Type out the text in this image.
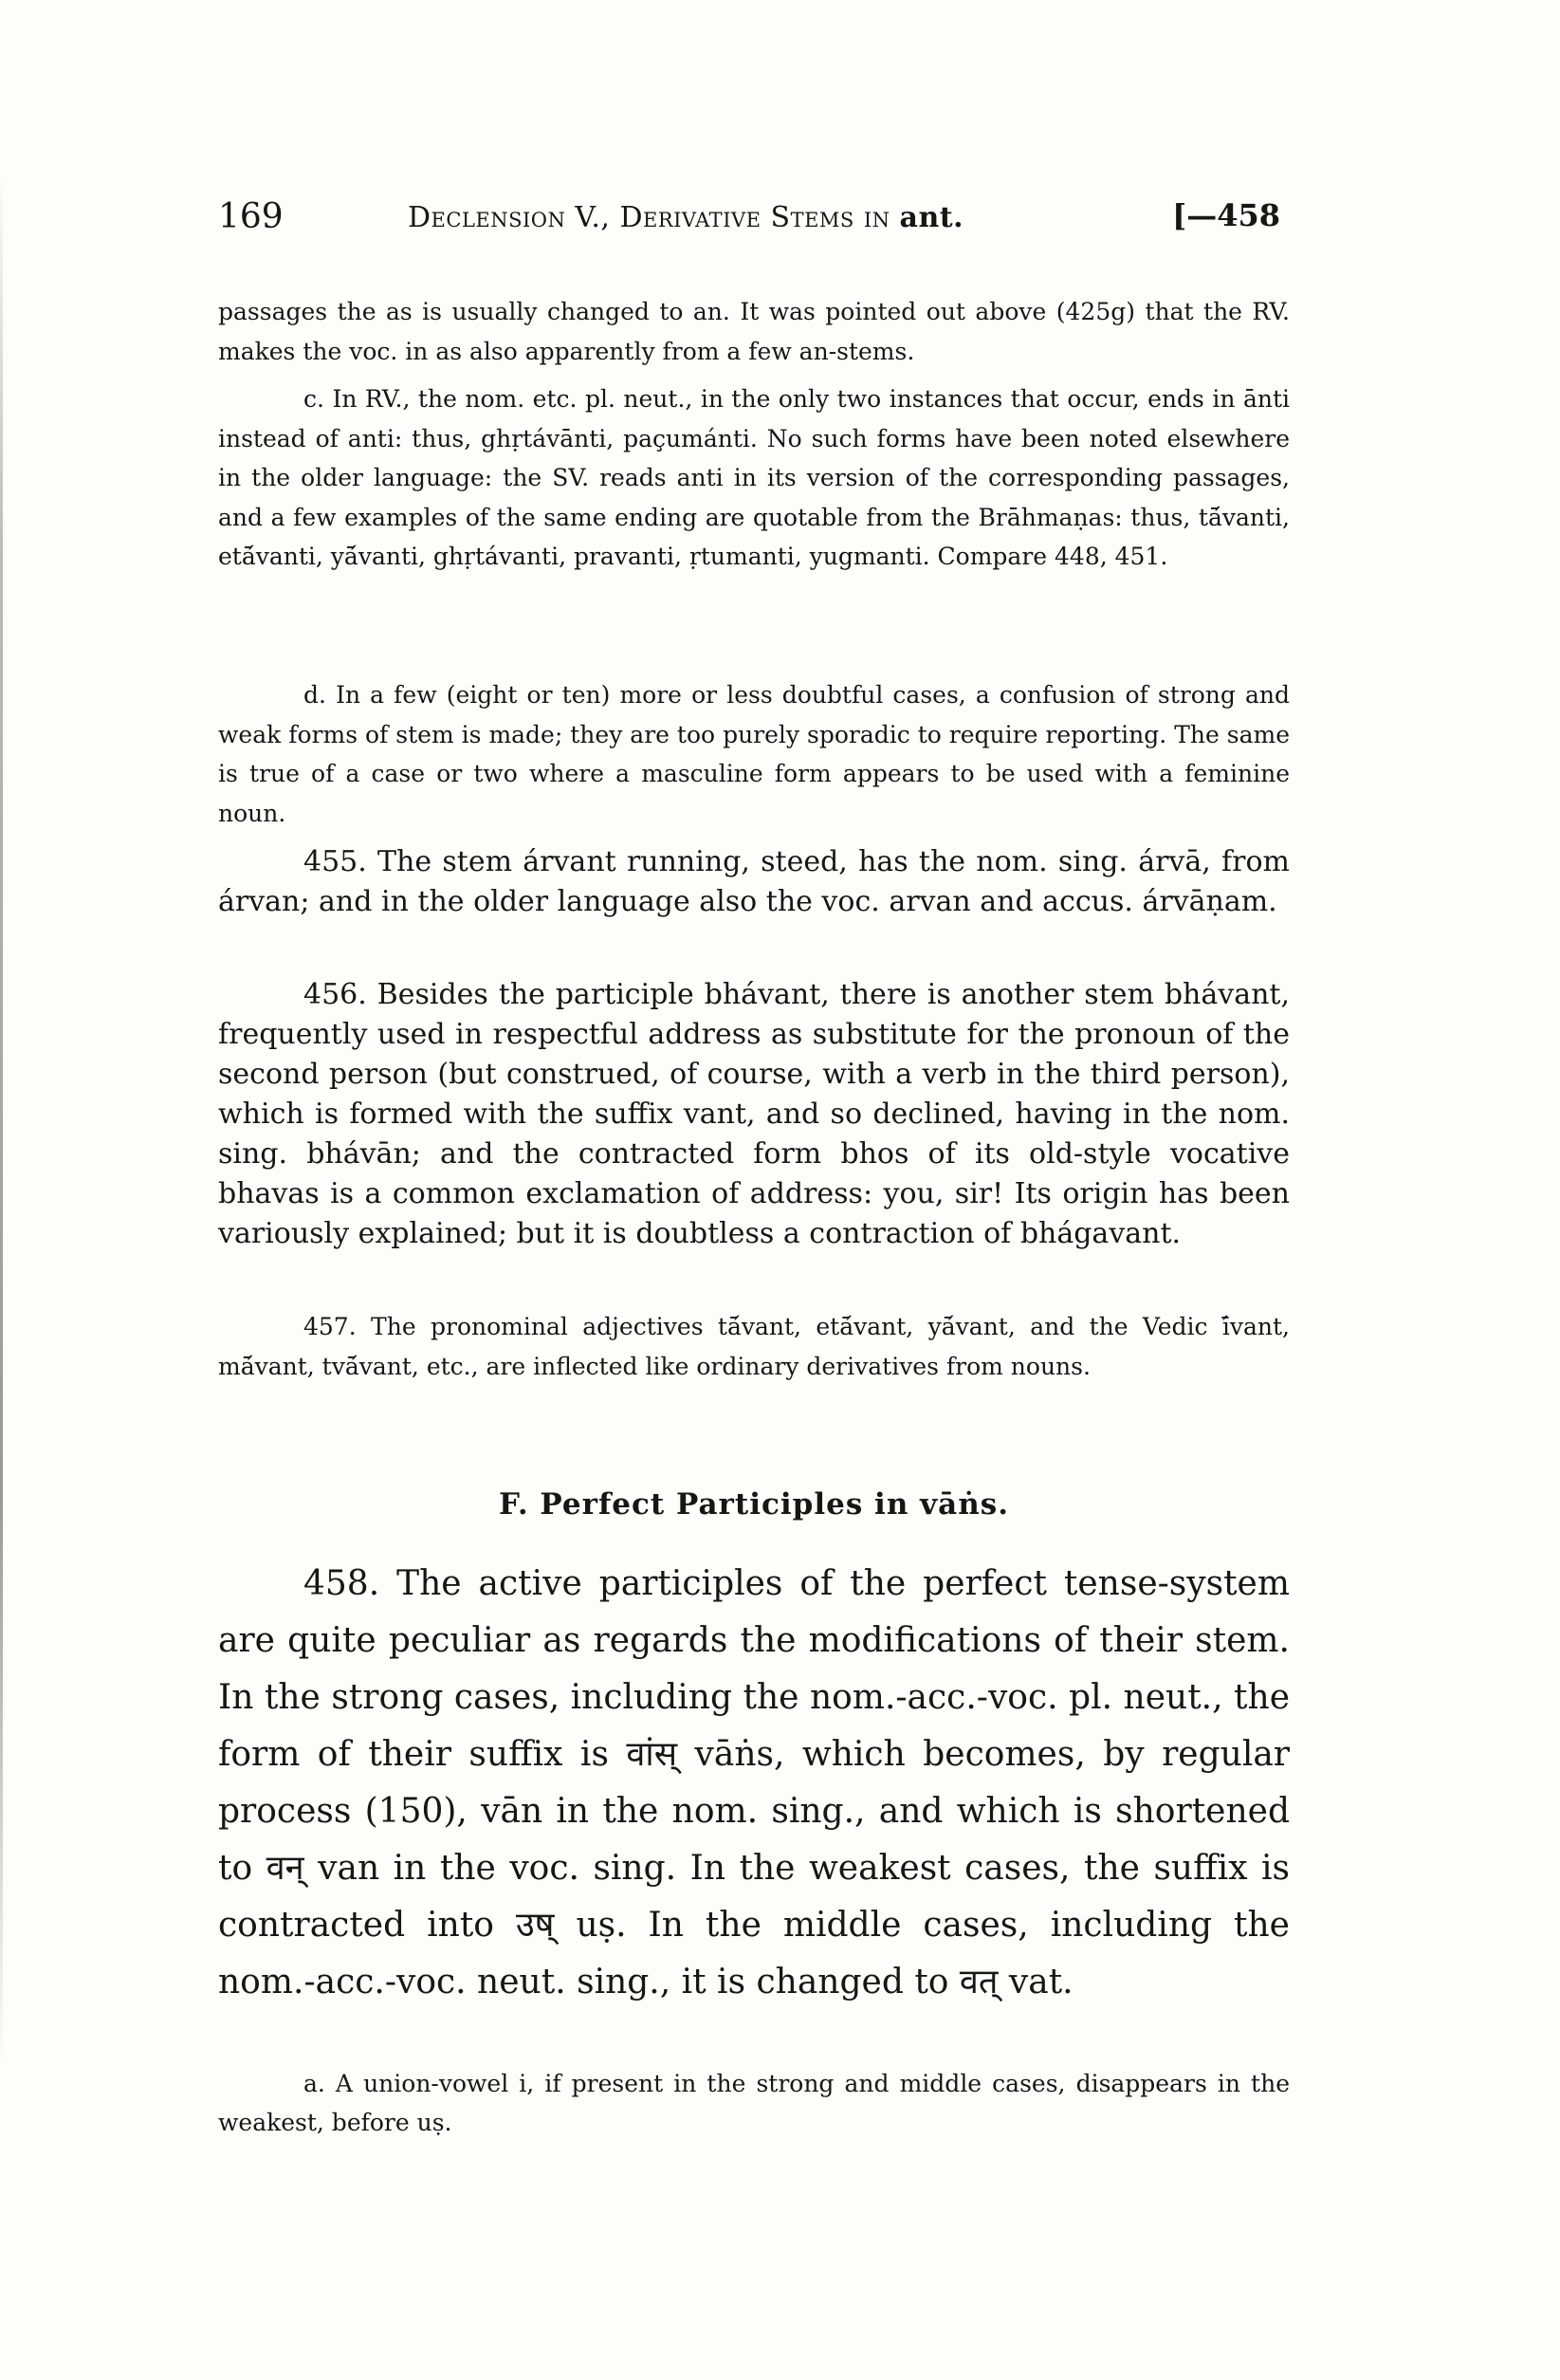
169	Declension V., Derivative Stems in ant.	[—458

passages the as is usually changed to an. It was pointed out above (425g) that the RV. makes the voc. in as also apparently from a few an-stems.

c. In RV., the nom. etc. pl. neut., in the only two instances that occur, ends in ānti instead of anti: thus, ghṛtávānti, paçumánti. No such forms have been noted elsewhere in the older language: the SV. reads anti in its version of the corresponding passages, and a few examples of the same ending are quotable from the Brāhmaṇas: thus, tā́vanti, etā́vanti, yā́vanti, ghṛtávanti, pravanti, ṛtumanti, yugmanti. Compare 448, 451.

d. In a few (eight or ten) more or less doubtful cases, a confusion of strong and weak forms of stem is made; they are too purely sporadic to require reporting. The same is true of a case or two where a masculine form appears to be used with a feminine noun.

455. The stem árvant running, steed, has the nom. sing. árvā, from árvan; and in the older language also the voc. arvan and accus. árvāṇam.

456. Besides the participle bhávant, there is another stem bhávant, frequently used in respectful address as substitute for the pronoun of the second person (but construed, of course, with a verb in the third person), which is formed with the suffix vant, and so declined, having in the nom. sing. bhávān; and the contracted form bhos of its old-style vocative bhavas is a common exclamation of address: you, sir! Its origin has been variously explained; but it is doubtless a contraction of bhágavant.

457. The pronominal adjectives tā́vant, etā́vant, yā́vant, and the Vedic ī́vant, mā́vant, tvā́vant, etc., are inflected like ordinary derivatives from nouns.

F. Perfect Participles in vāṅs.

458. The active participles of the perfect tense-system are quite peculiar as regards the modifications of their stem. In the strong cases, including the nom.-acc.-voc. pl. neut., the form of their suffix is वांस् vāṅs, which becomes, by regular process (150), vān in the nom. sing., and which is shortened to वन् van in the voc. sing. In the weakest cases, the suffix is contracted into उष् uṣ. In the middle cases, including the nom.-acc.-voc. neut. sing., it is changed to वत् vat.

a. A union-vowel i, if present in the strong and middle cases, disappears in the weakest, before uṣ.
